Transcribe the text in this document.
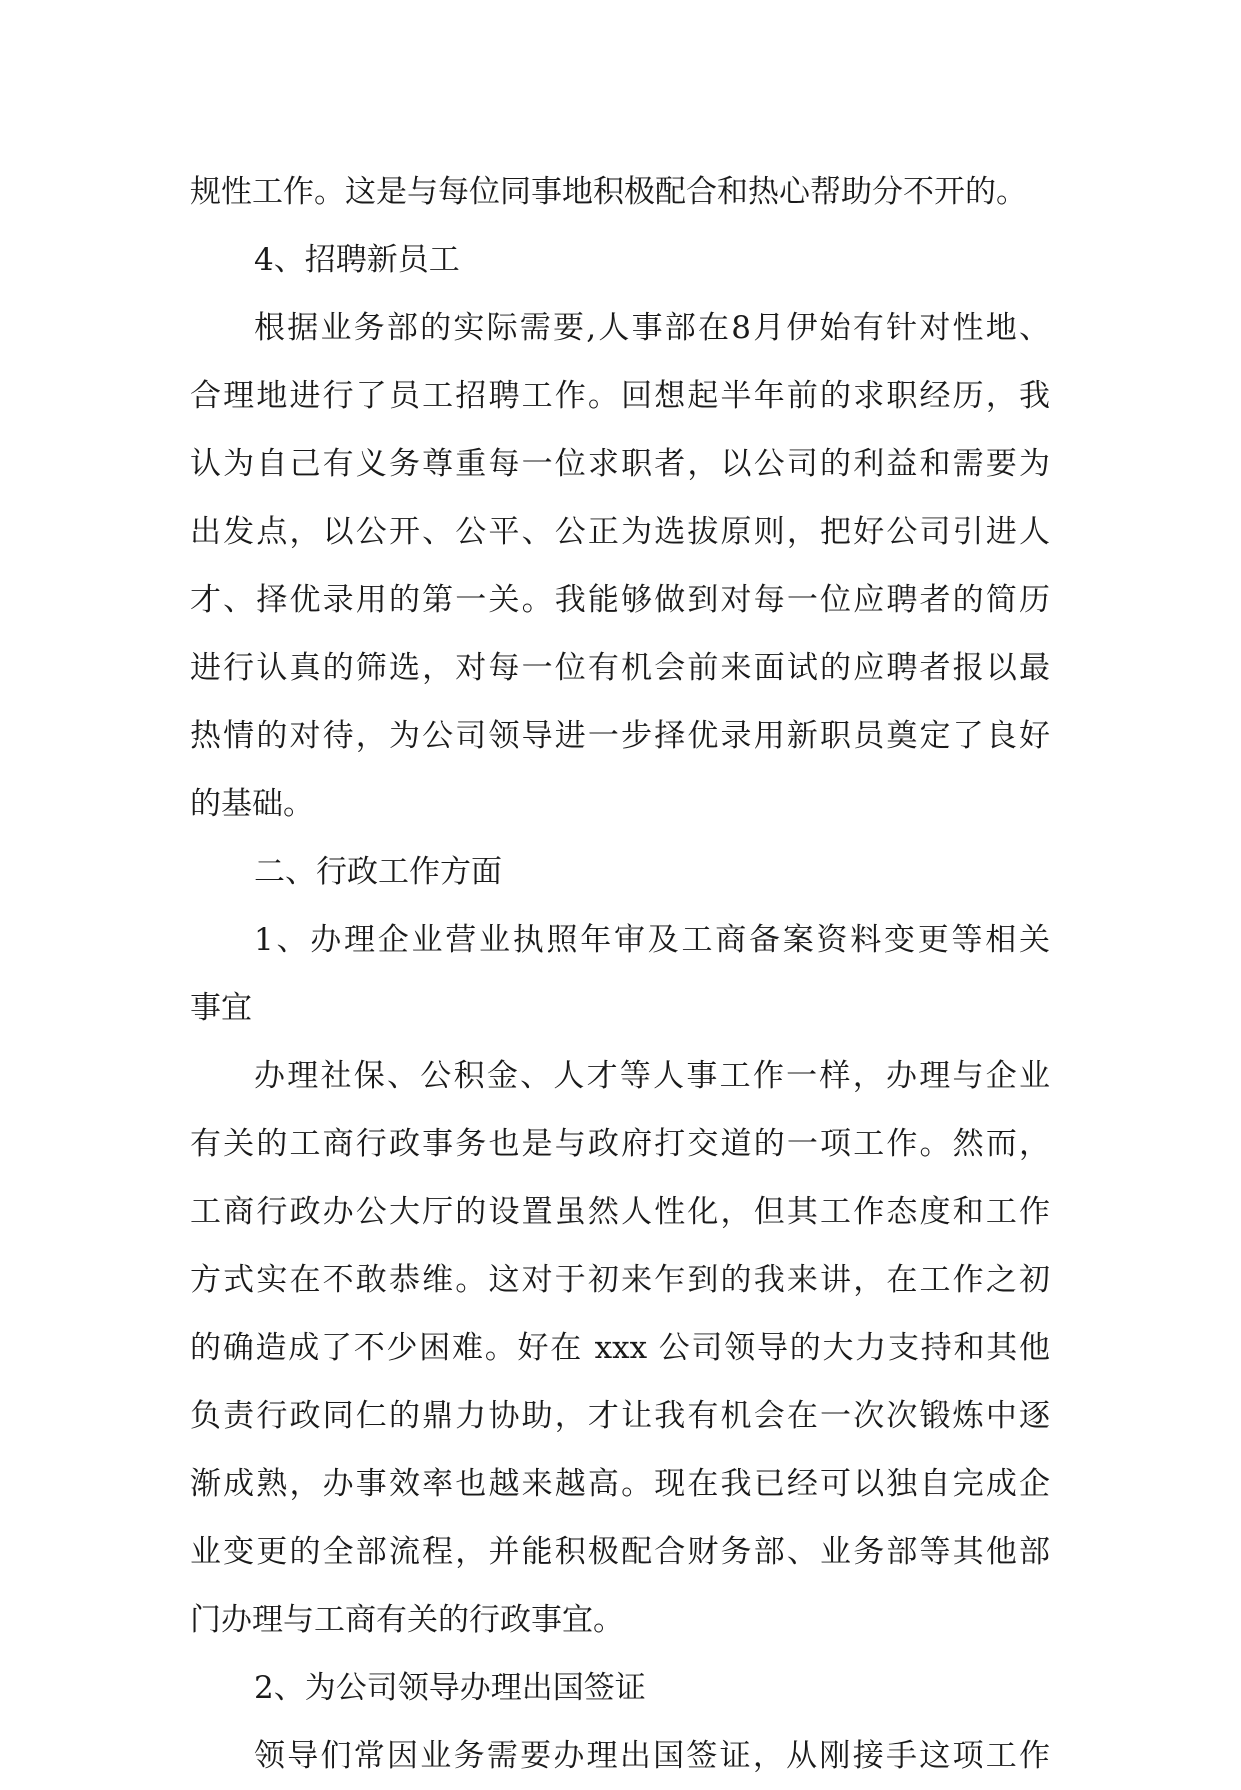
规性工作。这是与每位同事地积极配合和热心帮助分不开的。
4、招聘新员工
根据业务部的实际需要,人事部在8月伊始有针对性地、
合理地进行了员工招聘工作。回想起半年前的求职经历，我
认为自己有义务尊重每一位求职者，以公司的利益和需要为
出发点，以公开、公平、公正为选拔原则，把好公司引进人
才、择优录用的第一关。我能够做到对每一位应聘者的简历
进行认真的筛选，对每一位有机会前来面试的应聘者报以最
热情的对待，为公司领导进一步择优录用新职员奠定了良好
的基础。
二、行政工作方面
1、办理企业营业执照年审及工商备案资料变更等相关
事宜
办理社保、公积金、人才等人事工作一样，办理与企业
有关的工商行政事务也是与政府打交道的一项工作。然而，
工商行政办公大厅的设置虽然人性化，但其工作态度和工作
方式实在不敢恭维。这对于初来乍到的我来讲，在工作之初
的确造成了不少困难。好在 xxx 公司领导的大力支持和其他
负责行政同仁的鼎力协助，才让我有机会在一次次锻炼中逐
渐成熟，办事效率也越来越高。现在我已经可以独自完成企
业变更的全部流程，并能积极配合财务部、业务部等其他部
门办理与工商有关的行政事宜。
2、为公司领导办理出国签证
领导们常因业务需要办理出国签证，从刚接手这项工作
